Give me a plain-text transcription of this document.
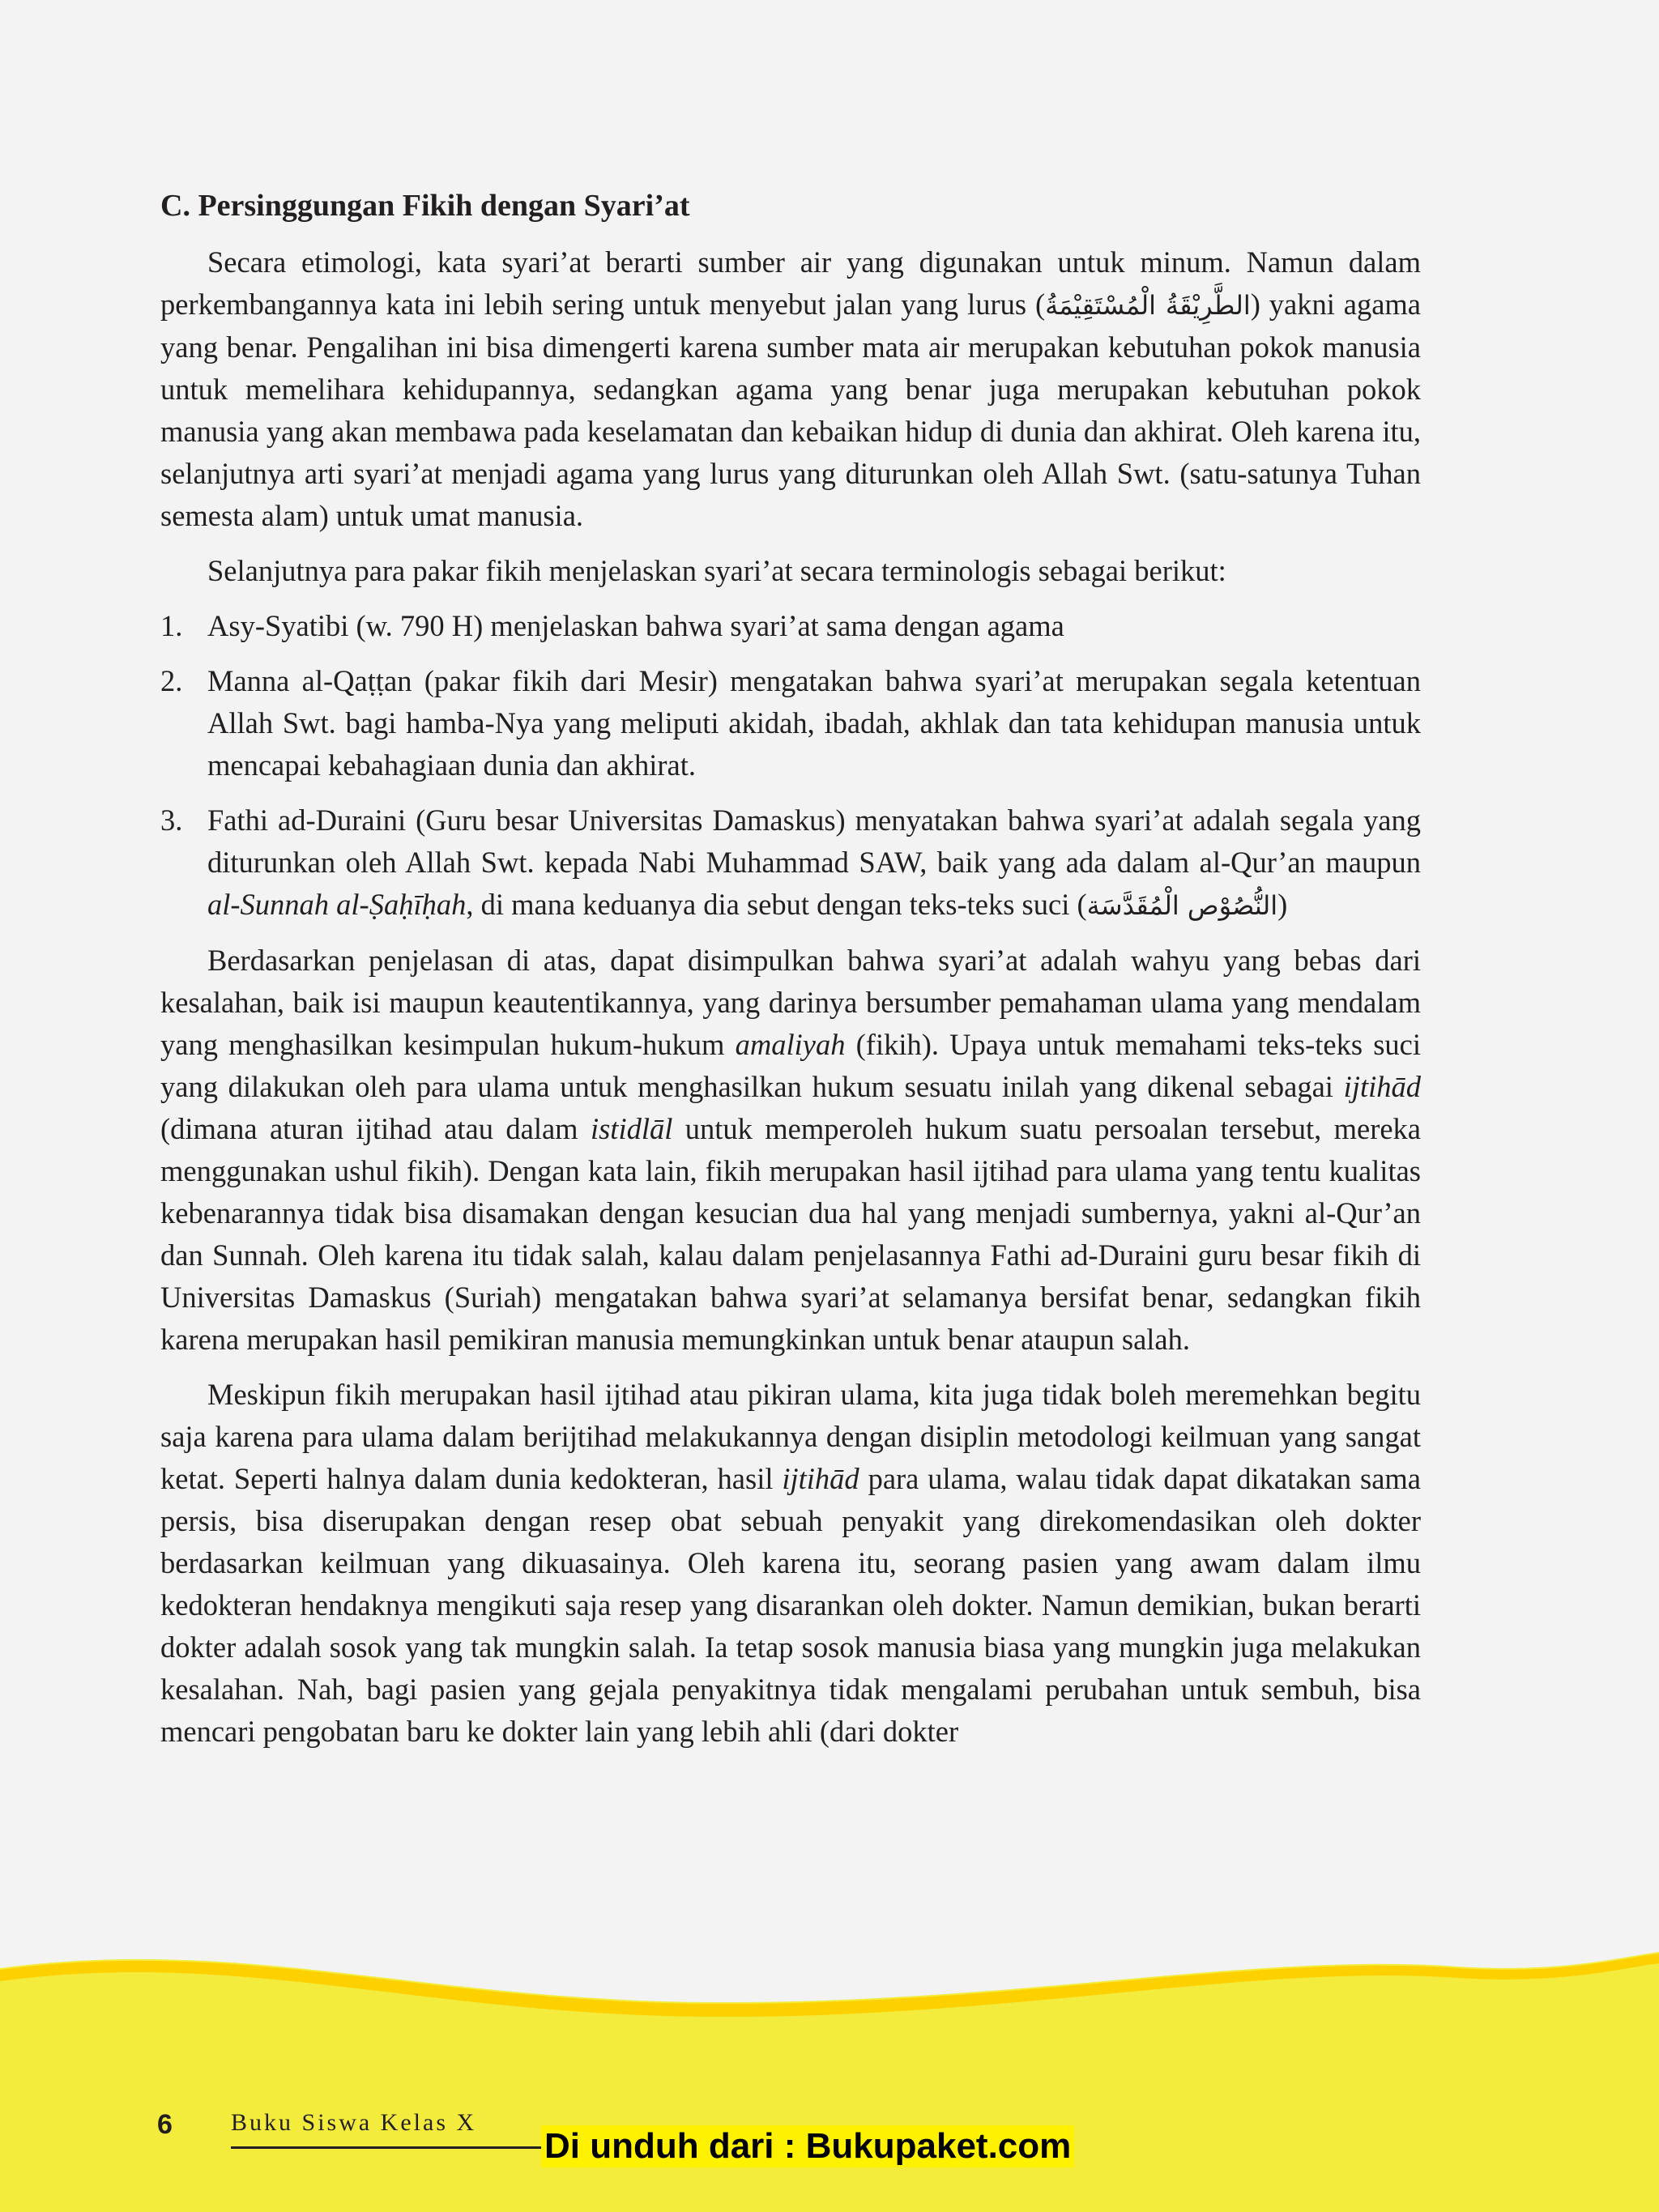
C. Persinggungan Fikih dengan Syari’at

Secara etimologi, kata syari’at berarti sumber air yang digunakan untuk minum. Namun dalam perkembangannya kata ini lebih sering untuk menyebut jalan yang lurus (الطَّرِيْقَةُ الْمُسْتَقِيْمَةُ) yakni agama yang benar. Pengalihan ini bisa dimengerti karena sumber mata air merupakan kebutuhan pokok manusia untuk memelihara kehidupannya, sedangkan agama yang benar juga merupakan kebutuhan pokok manusia yang akan membawa pada keselamatan dan kebaikan hidup di dunia dan akhirat. Oleh karena itu, selanjutnya arti syari’at menjadi agama yang lurus yang diturunkan oleh Allah Swt. (satu-satunya Tuhan semesta alam) untuk umat manusia.

Selanjutnya para pakar fikih menjelaskan syari’at secara terminologis sebagai berikut:

1. Asy-Syatibi (w. 790 H) menjelaskan bahwa syari’at sama dengan agama
2. Manna al-Qaṭṭan (pakar fikih dari Mesir) mengatakan bahwa syari’at merupakan segala ketentuan Allah Swt. bagi hamba-Nya yang meliputi akidah, ibadah, akhlak dan tata kehidupan manusia untuk mencapai kebahagiaan dunia dan akhirat.
3. Fathi ad-Duraini (Guru besar Universitas Damaskus) menyatakan bahwa syari’at adalah segala yang diturunkan oleh Allah Swt. kepada Nabi Muhammad SAW, baik yang ada dalam al-Qur’an maupun al-Sunnah al-Ṣaḥīḥah, di mana keduanya dia sebut dengan teks-teks suci (النُّصُوْص الْمُقَدَّسَة)

Berdasarkan penjelasan di atas, dapat disimpulkan bahwa syari’at adalah wahyu yang bebas dari kesalahan, baik isi maupun keautentikannya, yang darinya bersumber pemahaman ulama yang mendalam yang menghasilkan kesimpulan hukum-hukum amaliyah (fikih). Upaya untuk memahami teks-teks suci yang dilakukan oleh para ulama untuk menghasilkan hukum sesuatu inilah yang dikenal sebagai ijtihād (dimana aturan ijtihad atau dalam istidlāl untuk memperoleh hukum suatu persoalan tersebut, mereka menggunakan ushul fikih). Dengan kata lain, fikih merupakan hasil ijtihad para ulama yang tentu kualitas kebenarannya tidak bisa disamakan dengan kesucian dua hal yang menjadi sumbernya, yakni al-Qur’an dan Sunnah. Oleh karena itu tidak salah, kalau dalam penjelasannya Fathi ad-Duraini guru besar fikih di Universitas Damaskus (Suriah) mengatakan bahwa syari’at selamanya bersifat benar, sedangkan fikih karena merupakan hasil pemikiran manusia memungkinkan untuk benar ataupun salah.

Meskipun fikih merupakan hasil ijtihad atau pikiran ulama, kita juga tidak boleh meremehkan begitu saja karena para ulama dalam berijtihad melakukannya dengan disiplin metodologi keilmuan yang sangat ketat. Seperti halnya dalam dunia kedokteran, hasil ijtihād para ulama, walau tidak dapat dikatakan sama persis, bisa diserupakan dengan resep obat sebuah penyakit yang direkomendasikan oleh dokter berdasarkan keilmuan yang dikuasainya. Oleh karena itu, seorang pasien yang awam dalam ilmu kedokteran hendaknya mengikuti saja resep yang disarankan oleh dokter. Namun demikian, bukan berarti dokter adalah sosok yang tak mungkin salah. Ia tetap sosok manusia biasa yang mungkin juga melakukan kesalahan. Nah, bagi pasien yang gejala penyakitnya tidak mengalami perubahan untuk sembuh, bisa mencari pengobatan baru ke dokter lain yang lebih ahli (dari dokter

6 Buku Siswa Kelas X
Di unduh dari : Bukupaket.com
